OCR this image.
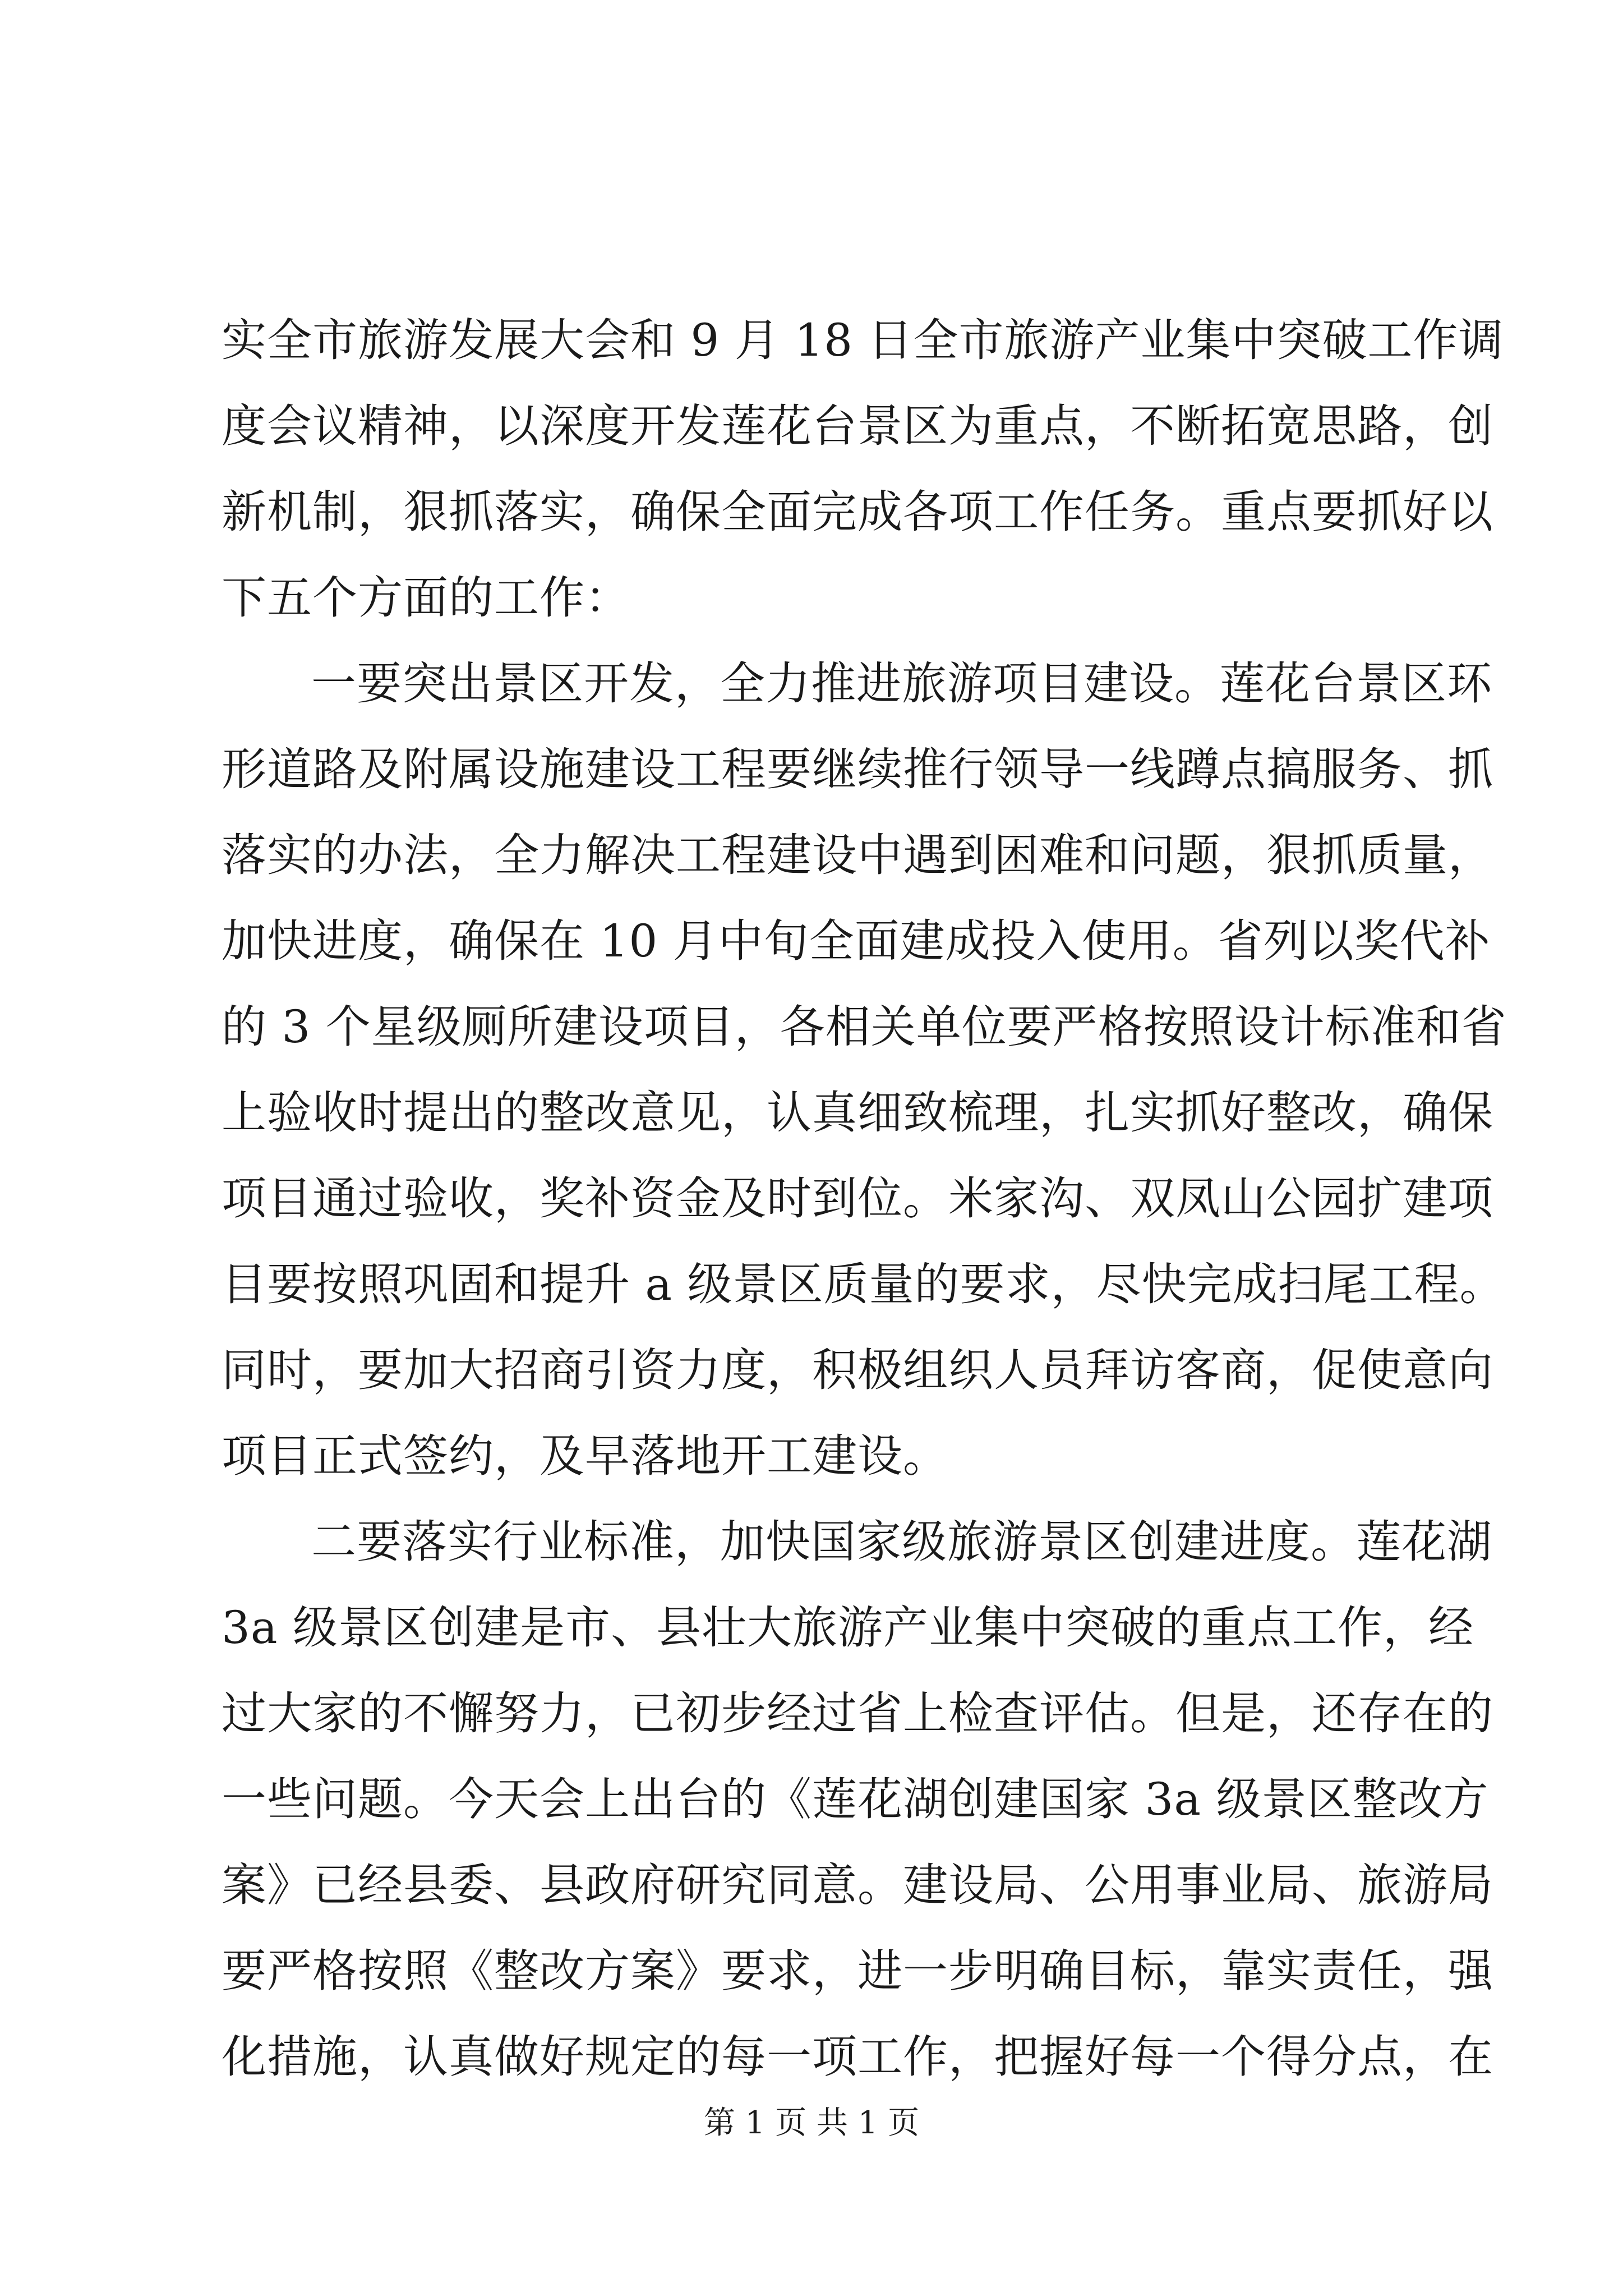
实全市旅游发展大会和 9 月 18 日全市旅游产业集中突破工作调
度会议精神，以深度开发莲花台景区为重点，不断拓宽思路，创
新机制，狠抓落实，确保全面完成各项工作任务。重点要抓好以
下五个方面的工作：
一要突出景区开发，全力推进旅游项目建设。莲花台景区环
形道路及附属设施建设工程要继续推行领导一线蹲点搞服务、抓
落实的办法，全力解决工程建设中遇到困难和问题，狠抓质量，
加快进度，确保在 10 月中旬全面建成投入使用。省列以奖代补
的 3 个星级厕所建设项目，各相关单位要严格按照设计标准和省
上验收时提出的整改意见，认真细致梳理，扎实抓好整改，确保
项目通过验收，奖补资金及时到位。米家沟、双凤山公园扩建项
目要按照巩固和提升 a 级景区质量的要求，尽快完成扫尾工程。
同时，要加大招商引资力度，积极组织人员拜访客商，促使意向
项目正式签约，及早落地开工建设。
二要落实行业标准，加快国家级旅游景区创建进度。莲花湖
3a 级景区创建是市、县壮大旅游产业集中突破的重点工作，经
过大家的不懈努力，已初步经过省上检查评估。但是，还存在的
一些问题。今天会上出台的《莲花湖创建国家 3a 级景区整改方
案》已经县委、县政府研究同意。建设局、公用事业局、旅游局
要严格按照《整改方案》要求，进一步明确目标，靠实责任，强
化措施，认真做好规定的每一项工作，把握好每一个得分点，在
第 1 页 共 1 页
